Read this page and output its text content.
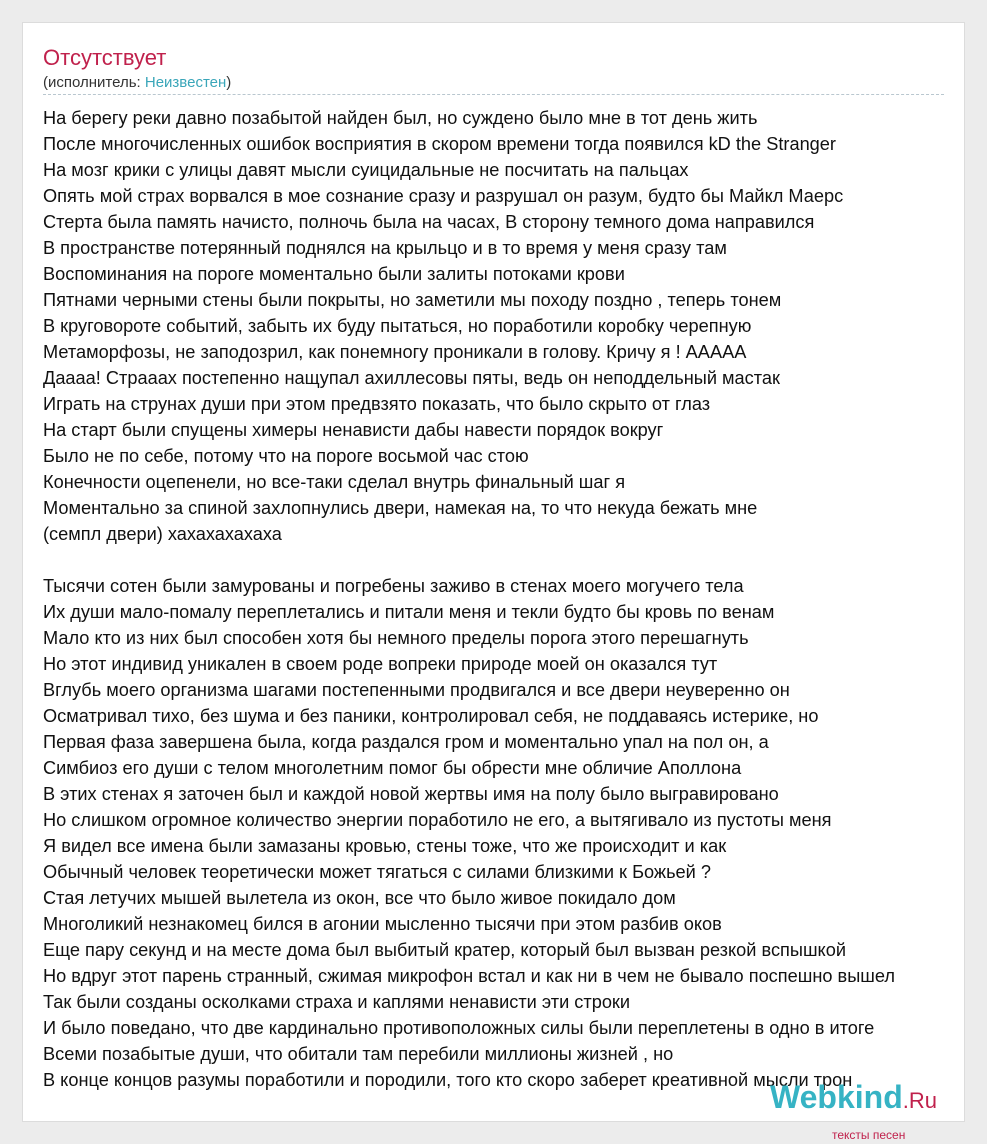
Отсутствует
(исполнитель: Неизвестен)
На берегу реки давно позабытой найден был, но суждено было мне в тот день жить
После многочисленных ошибок восприятия в скором времени тогда появился kD the Stranger
На мозг крики с улицы давят мысли суицидальные не посчитать на пальцах
Опять мой страх ворвался в мое сознание сразу и разрушал он разум, будто бы Майкл Маерс
Стерта была память начисто, полночь была на часах, В сторону темного дома направился
В пространстве потерянный поднялся на крыльцо и в то время у меня сразу там
Воспоминания на пороге моментально были залиты потоками крови
Пятнами черными стены были покрыты, но заметили мы походу поздно , теперь тонем
В круговороте событий, забыть их буду пытаться, но поработили коробку черепную
Метаморфозы, не заподозрил, как понемногу проникали в голову. Кричу я ! ААААА
Даааа! Страаах постепенно нащупал ахиллесовы пяты, ведь он неподдельный мастак
Играть на струнах души при этом предвзято показать, что было скрыто от глаз
На старт были спущены химеры ненависти дабы навести порядок вокруг
Было не по себе, потому что на пороге восьмой час стою
Конечности оцепенели, но все-таки сделал внутрь финальный шаг я
Моментально за спиной захлопнулись двери, намекая на, то что некуда бежать мне
(семпл двери) хахахахахаха
Тысячи сотен были замурованы и погребены заживо в стенах моего могучего тела
Их души мало-помалу переплетались и питали меня и текли будто бы кровь по венам
Мало кто из них был способен хотя бы немного пределы порога этого перешагнуть
Но этот индивид уникален в своем роде вопреки природе моей он оказался тут
Вглубь моего организма шагами постепенными продвигался и все двери неуверенно он
Осматривал тихо, без шума и без паники, контролировал себя, не поддаваясь истерике, но
Первая фаза завершена была, когда раздался гром и моментально упал на пол он, а
Симбиоз его души с телом многолетним помог бы обрести мне обличие Аполлона
В этих стенах я заточен был и каждой новой жертвы имя на полу было выгравировано
Но слишком огромное количество энергии поработило не его, а вытягивало из пустоты меня
Я видел все имена были замазаны кровью, стены тоже, что же происходит и как
Обычный человек теоретически может тягаться с силами близкими к Божьей ?
Стая летучих мышей вылетела из окон, все что было живое покидало дом
Многоликий незнакомец бился в агонии мысленно тысячи при этом разбив оков
Еще пару секунд и на месте дома был выбитый кратер, который был вызван резкой вспышкой
Но вдруг этот парень странный, сжимая микрофон встал и как ни в чем не бывало поспешно вышел
Так были созданы осколками страха и каплями ненависти эти строки
И было поведано, что две кардинально противоположных силы были переплетены в одно в итоге
Всеми позабытые души, что обитали там перебили миллионы жизней , но
В конце концов разумы поработили и породили, того кто скоро заберет креативной мысли трон
Webkind.Ru
тексты песен
